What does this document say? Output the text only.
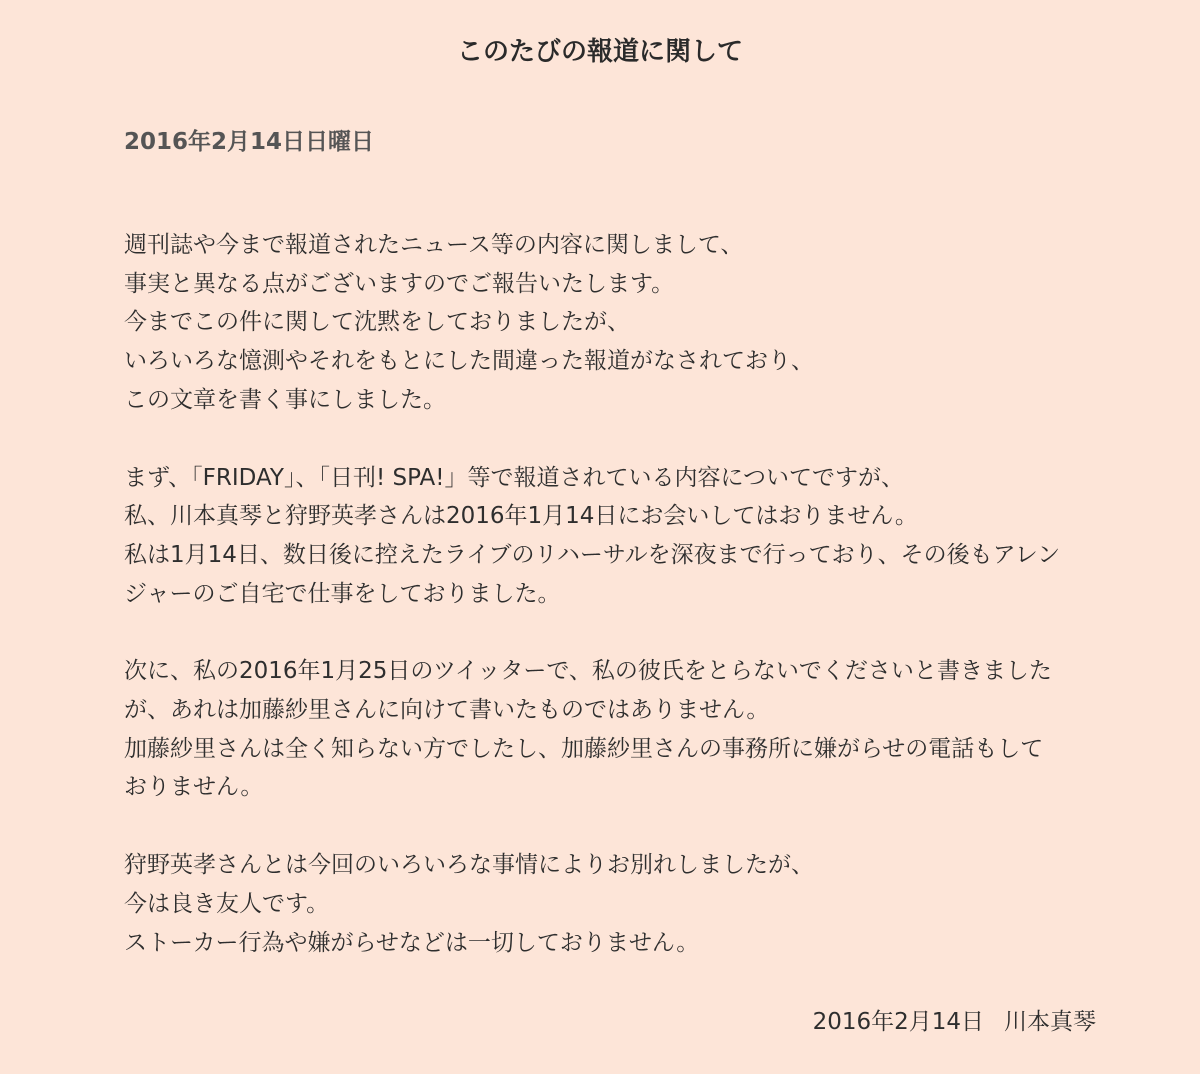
このたびの報道に関して
2016年2月14日日曜日
週刊誌や今まで報道されたニュース等の内容に関しまして、
事実と異なる点がございますのでご報告いたします。
今までこの件に関して沈黙をしておりましたが、
いろいろな憶測やそれをもとにした間違った報道がなされており、
この文章を書く事にしました。
まず、「FRIDAY」、「日刊! SPA!」等で報道されている内容についてですが、
私、川本真琴と狩野英孝さんは2016年1月14日にお会いしてはおりません。
私は1月14日、数日後に控えたライブのリハーサルを深夜まで行っており、その後もアレン
ジャーのご自宅で仕事をしておりました。
次に、私の2016年1月25日のツイッターで、私の彼氏をとらないでくださいと書きました
が、あれは加藤紗里さんに向けて書いたものではありません。
加藤紗里さんは全く知らない方でしたし、加藤紗里さんの事務所に嫌がらせの電話もして
おりません。
狩野英孝さんとは今回のいろいろな事情によりお別れしましたが、
今は良き友人です。
ストーカー行為や嫌がらせなどは一切しておりません。
2016年2月14日 川本真琴
